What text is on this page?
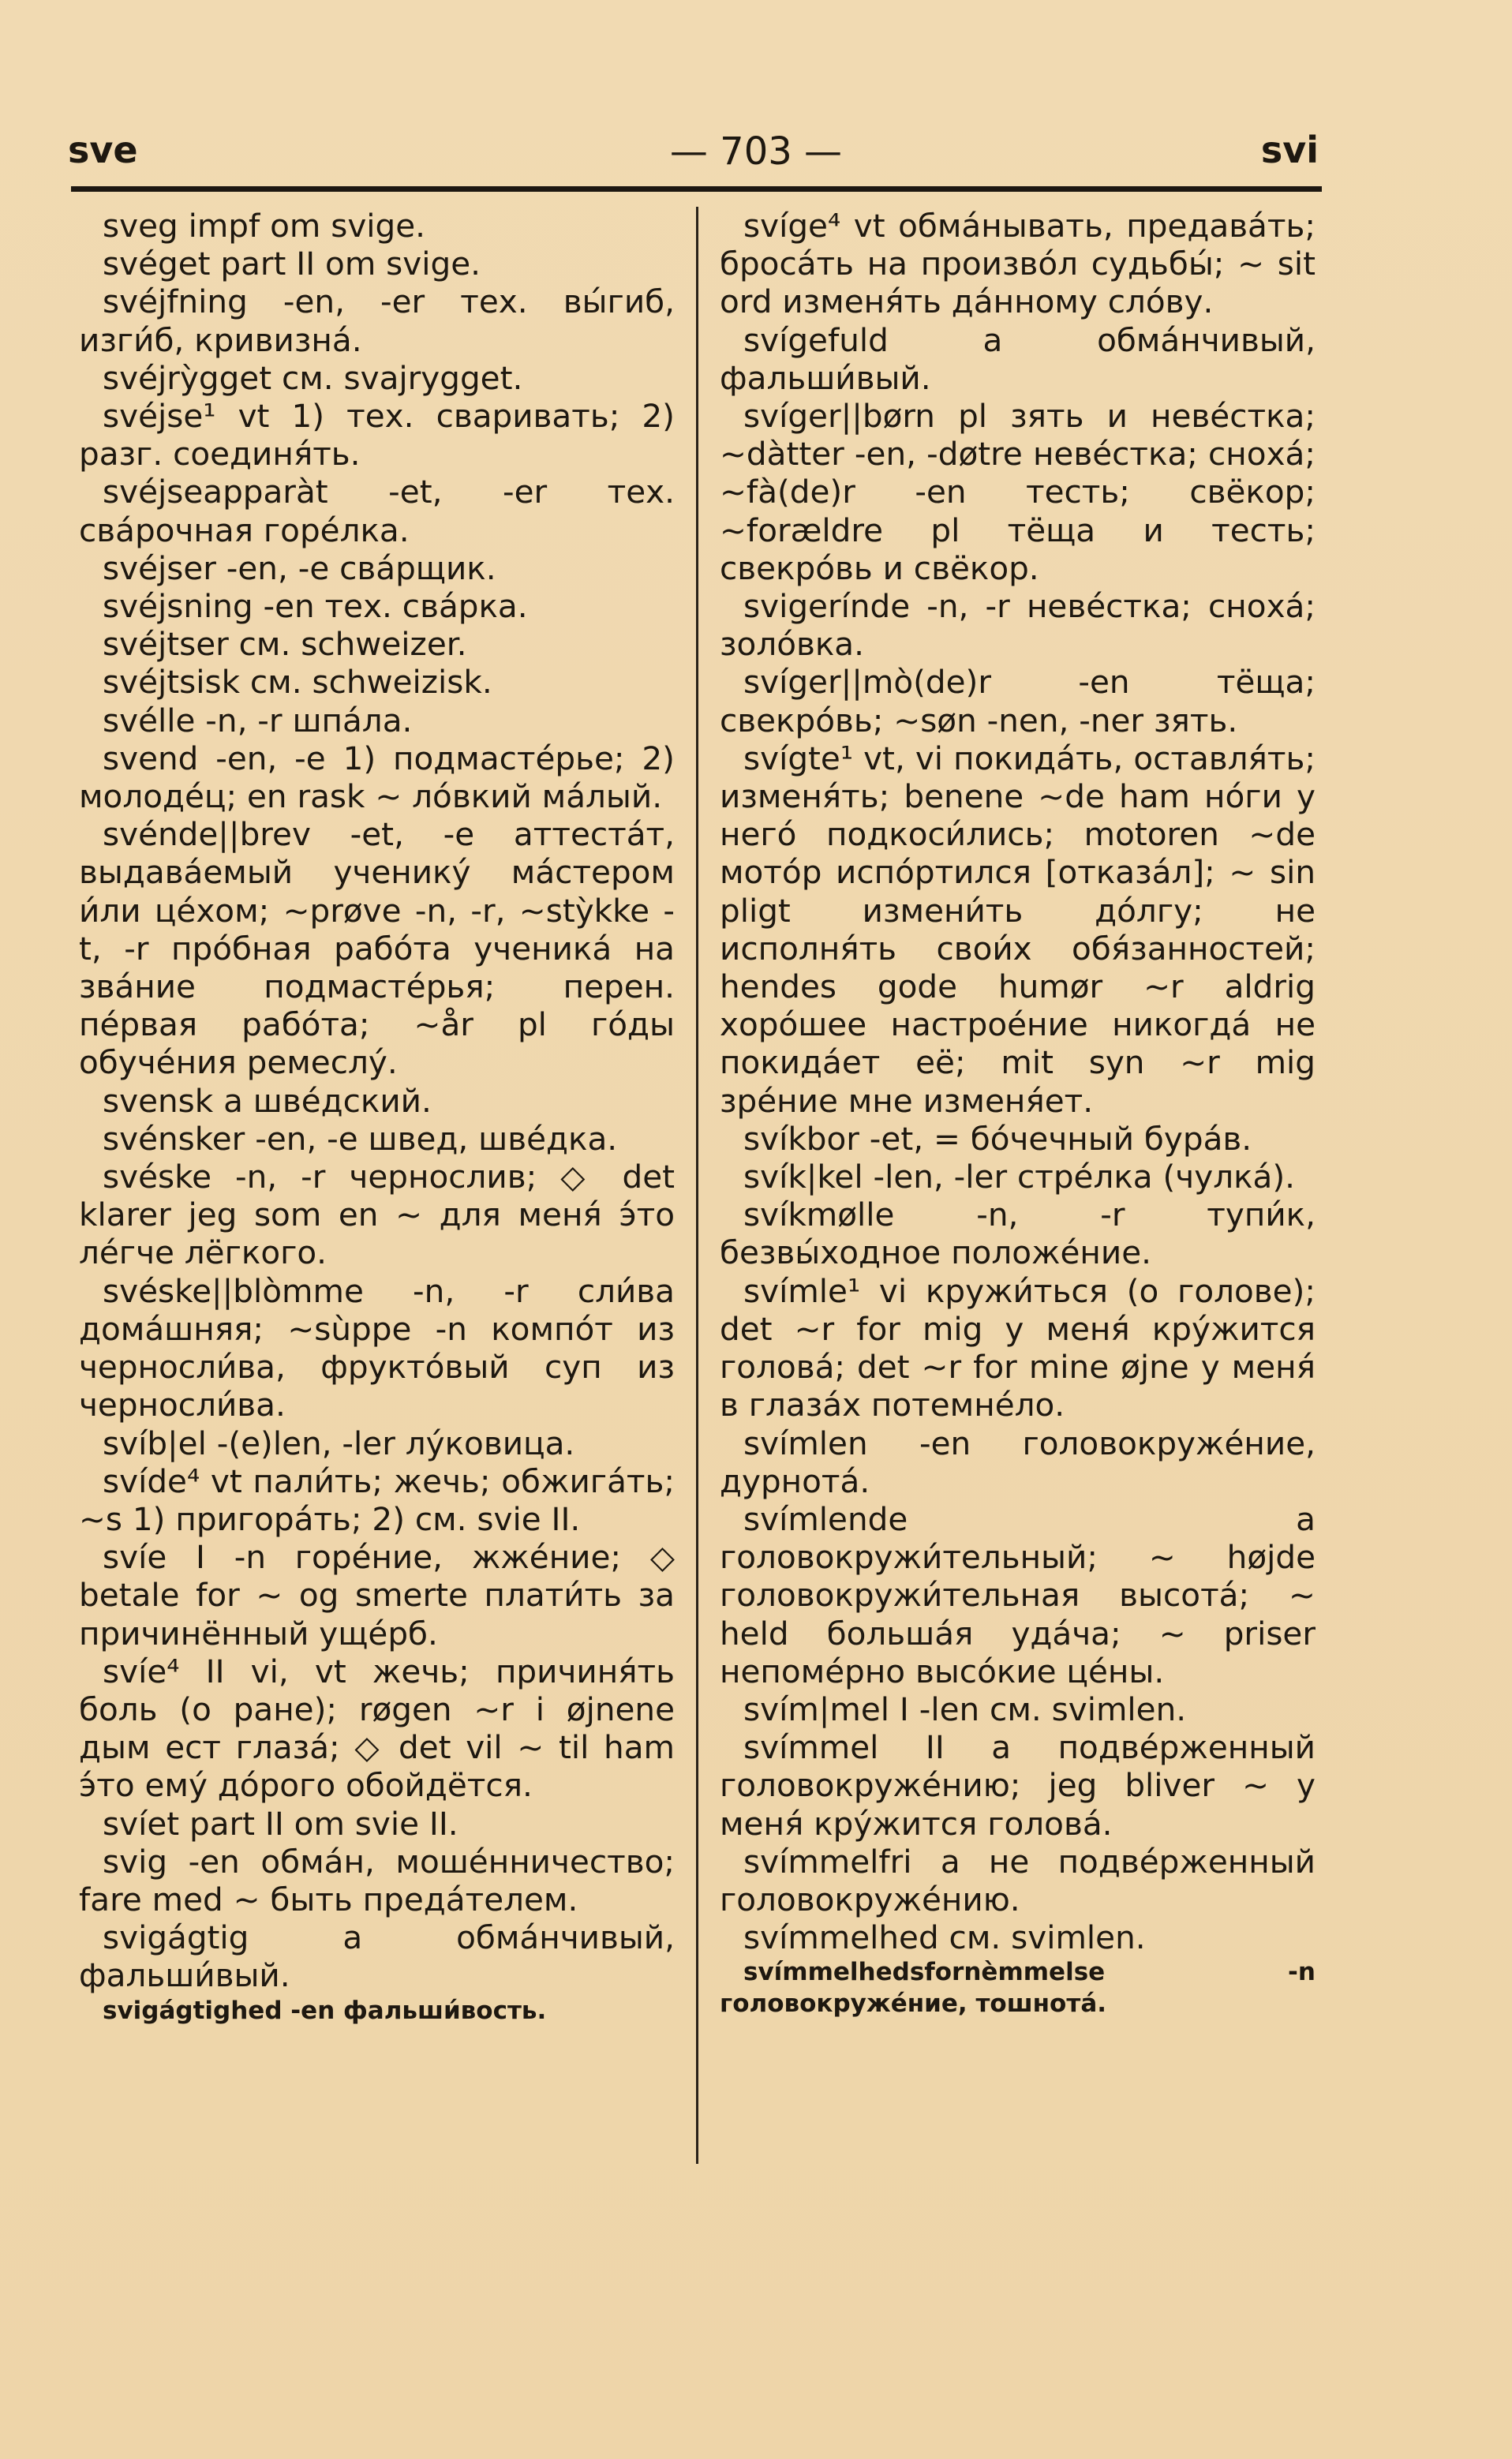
sve	— 703 —	svi

sveg impf om svige.

svéget part II om svige.

svéjfning -en, -er тех. вы́гиб, изги́б, кривизна́.

svéjrỳgget см. svajrygget.

svéjse¹ vt 1) тех. сваривать; 2) разг. соединя́ть.

svéjseapparàt -et, -er тех. сва́рочная горе́лка.

svéjser -en, -e сва́рщик.

svéjsning -en тех. сва́рка.

svéjtser см. schweizer.

svéjtsisk см. schweizisk.

svélle -n, -r шпа́ла.

svend -en, -e 1) подмасте́рье; 2) молоде́ц; en rask ~ ло́вкий ма́лый.

svénde||brev -et, -e аттеста́т, выдава́емый ученику́ ма́стером и́ли це́хом; ~prøve -n, -r, ~stỳkke -t, -r про́бная рабо́та ученика́ на зва́ние подмасте́рья; перен. пе́рвая рабо́та; ~år pl го́ды обуче́ния ремеслу́.

svensk a шве́дский.

svénsker -en, -e швед, шве́дка.

svéske -n, -r чернослив; ◇ det klarer jeg som en ~ для меня́ э́то ле́гче лёгкого.

svéske||blòmme -n, -r сли́ва дома́шняя; ~sùppe -n компо́т из черносли́ва, фрукто́вый суп из черносли́ва.

svíb|el -(e)len, -ler лу́ковица.

svíde⁴ vt пали́ть; жечь; обжига́ть; ~s 1) пригора́ть; 2) см. svie II.

svíe I -n горе́ние, жже́ние; ◇ betale for ~ og smerte плати́ть за причинённый уще́рб.

svíe⁴ II vi, vt жечь; причиня́ть боль (о ране); røgen ~r i øjnene дым ест глаза́; ◇ det vil ~ til ham э́то ему́ до́рого обойдётся.

svíet part II om svie II.

svig -en обма́н, моше́нничество; fare med ~ быть преда́телем.

svigágtig a обма́нчивый, фальши́вый.

svigágtighed -en фальши́вость.

svíge⁴ vt обма́нывать, предава́ть; броса́ть на произво́л судьбы́; ~ sit ord изменя́ть да́нному сло́ву.

svígefuld a обма́нчивый, фальши́вый.

svíger||børn pl зять и неве́стка; ~dàtter -en, -døtre неве́стка; сноха́; ~fà(de)r -en тесть; свёкор; ~forældre pl тёща и тесть; свекро́вь и свёкор.

svigerínde -n, -r неве́стка; сноха́; золо́вка.

svíger||mò(de)r -en тёща; свекро́вь; ~søn -nen, -ner зять.

svígte¹ vt, vi покида́ть, оставля́ть; изменя́ть; benene ~de ham но́ги у него́ подкоси́лись; motoren ~de мото́р испо́ртился [отказа́л]; ~ sin pligt измени́ть до́лгу; не исполня́ть свои́х обя́занностей; hendes gode humør ~r aldrig хоро́шее настрое́ние никогда́ не покида́ет её; mit syn ~r mig зре́ние мне изменя́ет.

svíkbor -et, = бо́чечный бура́в.

svík|kel -len, -ler стре́лка (чулка́).

svíkmølle -n, -r тупи́к, безвы́ходное положе́ние.

svímle¹ vi кружи́ться (о голове); det ~r for mig у меня́ кру́жится голова́; det ~r for mine øjne у меня́ в глаза́х потемне́ло.

svímlen -en головокруже́ние, дурнота́.

svímlende a головокружи́тельный; ~ højde головокружи́тельная высота́; ~ held больша́я уда́ча; ~ priser непоме́рно высо́кие це́ны.

svím|mel I -len см. svimlen.

svímmel II a подве́рженный головокруже́нию; jeg bliver ~ у меня́ кру́жится голова́.

svímmelfri a не подве́рженный головокруже́нию.

svímmelhed см. svimlen.

svímmelhedsfornèmmelse -n головокруже́ние, тошнота́.
